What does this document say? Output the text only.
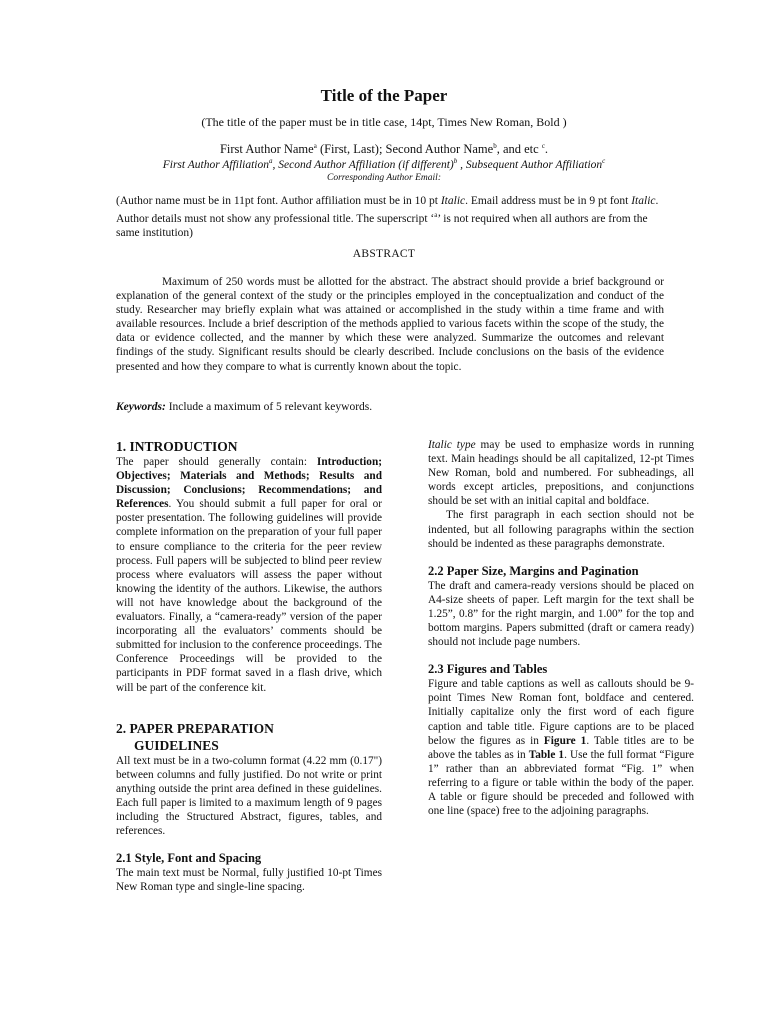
Title of the Paper

(The title of the paper must be in title case, 14pt, Times New Roman, Bold )

First Author Name$^a$ (First, Last); Second Author Name$^b$, and etc $^c$.

First Author Affiliation$^a$, Second Author Affiliation (if different)$^b$ , Subsequent Author Affiliation$^c$

Corresponding Author Email:

(Author name must be in 11pt font. Author affiliation must be in 10 pt Italic. Email address must be in 9 pt font Italic. Author details must not show any professional title. The superscript ‘$^a$’ is not required when all authors are from the same institution)

ABSTRACT

Maximum of 250 words must be allotted for the abstract. The abstract should provide a brief background or explanation of the general context of the study or the principles employed in the conceptualization and conduct of the study. Researcher may briefly explain what was attained or accomplished in the study within a time frame and with available resources. Include a brief description of the methods applied to various facets within the scope of the study, the data or evidence collected, and the manner by which these were analyzed. Summarize the outcomes and relevant findings of the study. Significant results should be clearly described. Include conclusions on the basis of the evidence presented and how they compare to what is currently known about the topic.

Keywords: Include a maximum of 5 relevant keywords.

1. INTRODUCTION

The paper should generally contain: Introduction; Objectives; Materials and Methods; Results and Discussion; Conclusions; Recommendations; and References. You should submit a full paper for oral or poster presentation. The following guidelines will provide complete information on the preparation of your full paper to ensure compliance to the criteria for the peer review process. Full papers will be subjected to blind peer review process where evaluators will assess the paper without knowing the identity of the authors. Likewise, the authors will not have knowledge about the background of the evaluators. Finally, a “camera-ready” version of the paper incorporating all the evaluators’ comments should be submitted for inclusion to the conference proceedings. The Conference Proceedings will be provided to the participants in PDF format saved in a flash drive, which will be part of the conference kit.

2. PAPER PREPARATION
GUIDELINES

All text must be in a two-column format (4.22 mm (0.17") between columns and fully justified. Do not write or print anything outside the print area defined in these guidelines. Each full paper is limited to a maximum length of 9 pages including the Structured Abstract, figures, tables, and references.

2.1 Style, Font and Spacing

The main text must be Normal, fully justified 10-pt Times New Roman type and single-line spacing.

Italic type may be used to emphasize words in running text. Main headings should be all capitalized, 12-pt Times New Roman, bold and numbered. For subheadings, all words except articles, prepositions, and conjunctions should be set with an initial capital and boldface.

The first paragraph in each section should not be indented, but all following paragraphs within the section should be indented as these paragraphs demonstrate.

2.2 Paper Size, Margins and Pagination

The draft and camera-ready versions should be placed on A4-size sheets of paper. Left margin for the text shall be 1.25”, 0.8” for the right margin, and 1.00” for the top and bottom margins. Papers submitted (draft or camera ready) should not include page numbers.

2.3 Figures and Tables

Figure and table captions as well as callouts should be 9-point Times New Roman font, boldface and centered. Initially capitalize only the first word of each figure caption and table title. Figure captions are to be placed below the figures as in Figure 1. Table titles are to be above the tables as in Table 1. Use the full format “Figure 1” rather than an abbreviated format “Fig. 1” when referring to a figure or table within the body of the paper. A table or figure should be preceded and followed with one line (space) free to the adjoining paragraphs.
